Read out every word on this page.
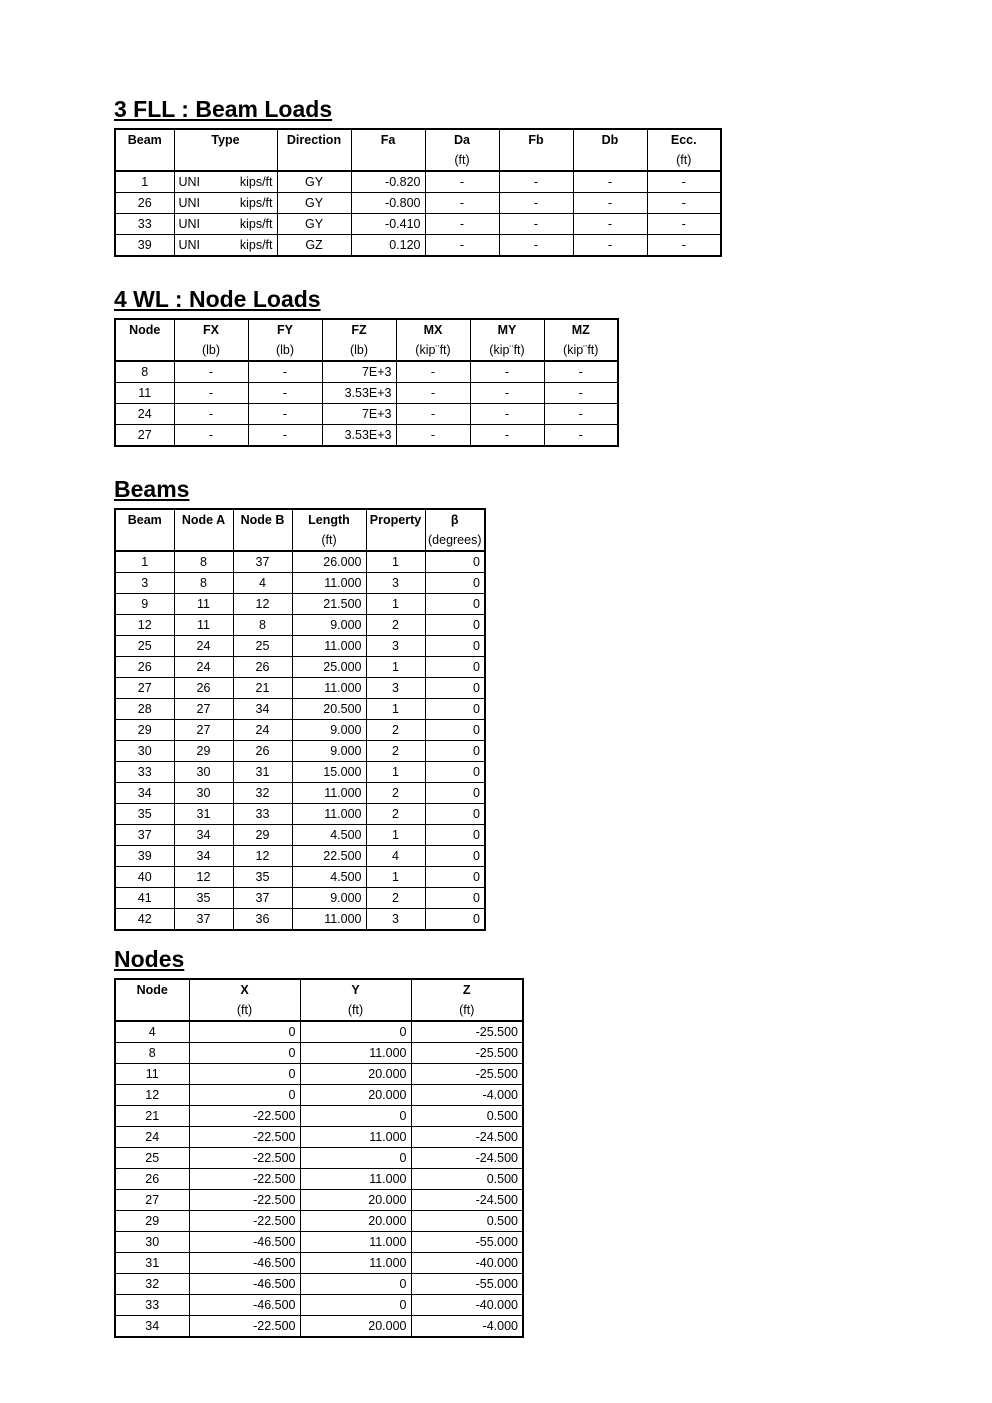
3 FLL : Beam Loads
Beam	Type	Direction	Fa	Da	Fb	Db	Ecc.
				(ft)			(ft)
1	UNI kips/ft	GY	-0.820	-	-	-	-
26	UNI kips/ft	GY	-0.800	-	-	-	-
33	UNI kips/ft	GY	-0.410	-	-	-	-
39	UNI kips/ft	GZ	0.120	-	-	-	-
4 WL : Node Loads
Node	FX	FY	FZ	MX	MY	MZ
	(lb)	(lb)	(lb)	(kip¨ft)	(kip¨ft)	(kip¨ft)
8	-	-	7E+3	-	-	-
11	-	-	3.53E+3	-	-	-
24	-	-	7E+3	-	-	-
27	-	-	3.53E+3	-	-	-
Beams
Beam	Node A	Node B	Length	Property	β
			(ft)		(degrees)
1	8	37	26.000	1	0
3	8	4	11.000	3	0
9	11	12	21.500	1	0
12	11	8	9.000	2	0
25	24	25	11.000	3	0
26	24	26	25.000	1	0
27	26	21	11.000	3	0
28	27	34	20.500	1	0
29	27	24	9.000	2	0
30	29	26	9.000	2	0
33	30	31	15.000	1	0
34	30	32	11.000	2	0
35	31	33	11.000	2	0
37	34	29	4.500	1	0
39	34	12	22.500	4	0
40	12	35	4.500	1	0
41	35	37	9.000	2	0
42	37	36	11.000	3	0
Nodes
Node	X	Y	Z
	(ft)	(ft)	(ft)
4	0	0	-25.500
8	0	11.000	-25.500
11	0	20.000	-25.500
12	0	20.000	-4.000
21	-22.500	0	0.500
24	-22.500	11.000	-24.500
25	-22.500	0	-24.500
26	-22.500	11.000	0.500
27	-22.500	20.000	-24.500
29	-22.500	20.000	0.500
30	-46.500	11.000	-55.000
31	-46.500	11.000	-40.000
32	-46.500	0	-55.000
33	-46.500	0	-40.000
34	-22.500	20.000	-4.000
